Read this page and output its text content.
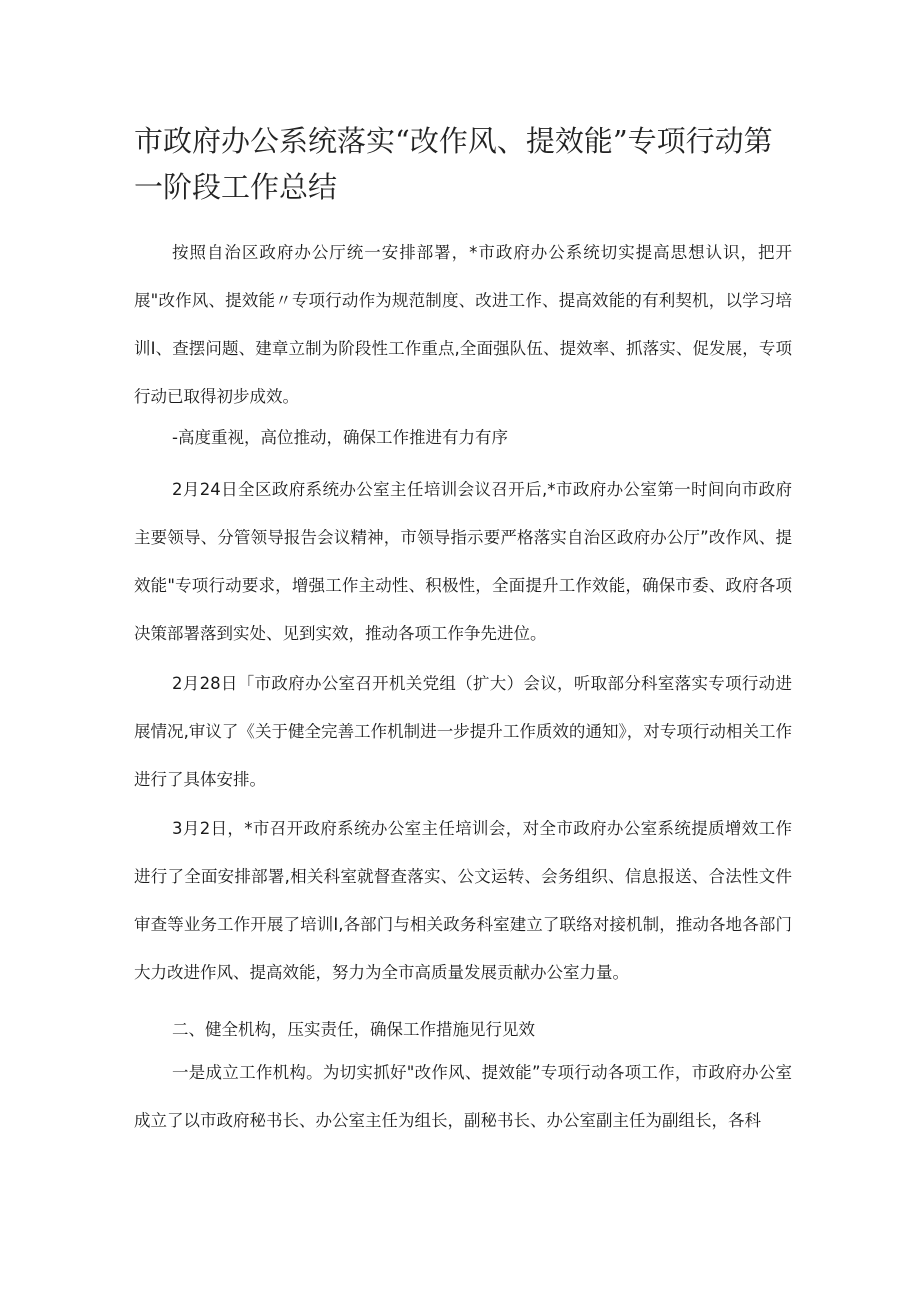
市政府办公系统落实“改作风、提效能”专项行动第一阶段工作总结

按照自治区政府办公厅统一安排部署，*市政府办公系统切实提高思想认识，把开展"改作风、提效能〃专项行动作为规范制度、改进工作、提高效能的有利契机，以学习培训I、查摆问题、建章立制为阶段性工作重点,全面强队伍、提效率、抓落实、促发展，专项行动已取得初步成效。

-高度重视，高位推动，确保工作推进有力有序

2月24日全区政府系统办公室主任培训会议召开后,*市政府办公室第一时间向市政府主要领导、分管领导报告会议精神，市领导指示要严格落实自治区政府办公厅”改作风、提效能"专项行动要求，增强工作主动性、积极性，全面提升工作效能，确保市委、政府各项决策部署落到实处、见到实效，推动各项工作争先进位。

2月28日「市政府办公室召开机关党组（扩大）会议，听取部分科室落实专项行动进展情况,审议了《关于健全完善工作机制进一步提升工作质效的通知》，对专项行动相关工作进行了具体安排。

3月2日，*市召开政府系统办公室主任培训会，对全市政府办公室系统提质增效工作进行了全面安排部署,相关科室就督查落实、公文运转、会务组织、信息报送、合法性文件审查等业务工作开展了培训I,各部门与相关政务科室建立了联络对接机制，推动各地各部门大力改进作风、提高效能，努力为全市高质量发展贡献办公室力量。

二、健全机构，压实责任，确保工作措施见行见效

一是成立工作机构。为切实抓好"改作风、提效能”专项行动各项工作，市政府办公室成立了以市政府秘书长、办公室主任为组长，副秘书长、办公室副主任为副组长，各科
